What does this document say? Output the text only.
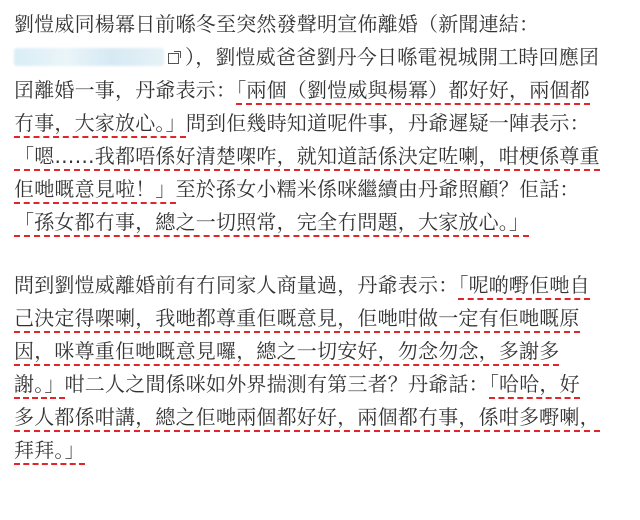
劉愷威同楊冪日前喺冬至突然發聲明宣佈離婚（新聞連結：
），劉愷威爸爸劉丹今日喺電視城開工時回應囝
囝離婚一事，丹爺表示：「兩個（劉愷威與楊冪）都好好，兩個都
冇事，大家放心。」問到佢幾時知道呢件事，丹爺遲疑一陣表示：
「嗯……我都唔係好清楚㗎咋，就知道話係決定咗喇，咁梗係尊重
佢哋嘅意見啦！」至於孫女小糯米係咪繼續由丹爺照顧？佢話：
「孫女都冇事，總之一切照常，完全冇問題，大家放心。」
問到劉愷威離婚前有冇同家人商量過，丹爺表示：「呢啲嘢佢哋自
己決定得㗎喇，我哋都尊重佢嘅意見，佢哋咁做一定有佢哋嘅原
因，咪尊重佢哋嘅意見囉，總之一切安好，勿念勿念，多謝多
謝。」咁二人之間係咪如外界揣測有第三者？丹爺話：「哈哈，好
多人都係咁講，總之佢哋兩個都好好，兩個都冇事，係咁多嘢喇，
拜拜。」
